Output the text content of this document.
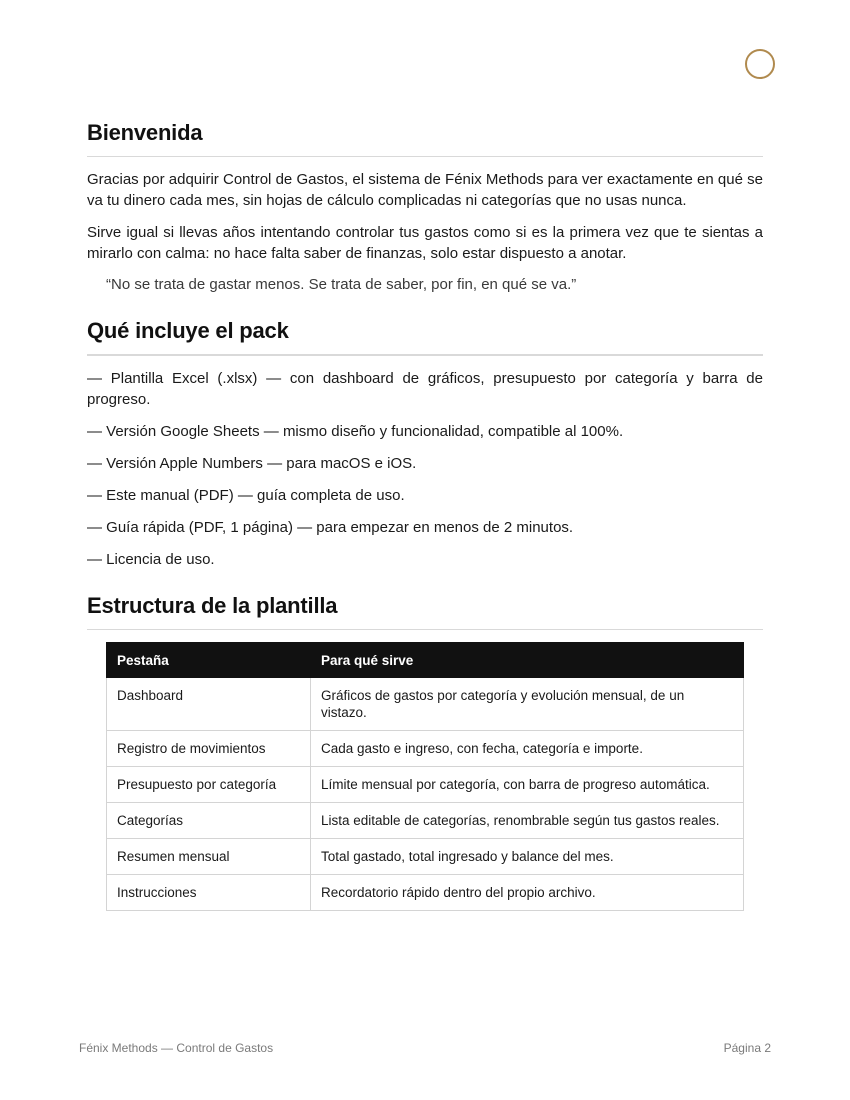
Bienvenida

Gracias por adquirir Control de Gastos, el sistema de Fénix Methods para ver exactamente en qué se va tu dinero cada mes, sin hojas de cálculo complicadas ni categorías que no usas nunca.

Sirve igual si llevas años intentando controlar tus gastos como si es la primera vez que te sientas a mirarlo con calma: no hace falta saber de finanzas, solo estar dispuesto a anotar.

“No se trata de gastar menos. Se trata de saber, por fin, en qué se va.”
Qué incluye el pack
— Plantilla Excel (.xlsx) — con dashboard de gráficos, presupuesto por categoría y barra de progreso.
— Versión Google Sheets — mismo diseño y funcionalidad, compatible al 100%.
— Versión Apple Numbers — para macOS e iOS.
— Este manual (PDF) — guía completa de uso.
— Guía rápida (PDF, 1 página) — para empezar en menos de 2 minutos.
— Licencia de uso.
Estructura de la plantilla
Pestaña	Para qué sirve
Dashboard	Gráficos de gastos por categoría y evolución mensual, de un vistazo.
Registro de movimientos	Cada gasto e ingreso, con fecha, categoría e importe.
Presupuesto por categoría	Límite mensual por categoría, con barra de progreso automática.
Categorías	Lista editable de categorías, renombrable según tus gastos reales.
Resumen mensual	Total gastado, total ingresado y balance del mes.
Instrucciones	Recordatorio rápido dentro del propio archivo.
Fénix Methods — Control de Gastos	Página 2
